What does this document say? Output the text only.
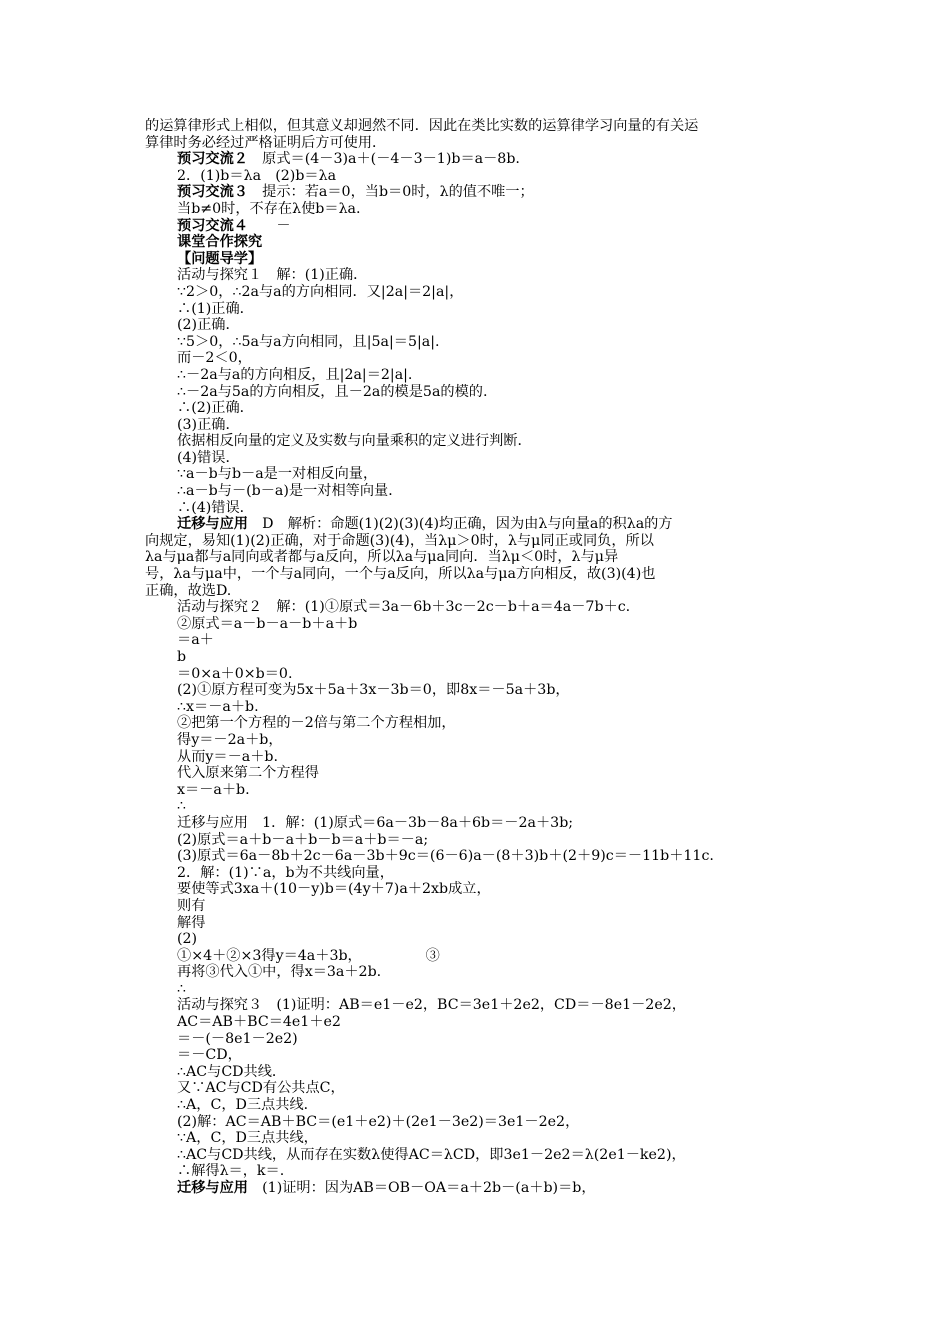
的运算律形式上相似，但其意义却迥然不同．因此在类比实数的运算律学习向量的有关运
算律时务必经过严格证明后方可使用．
预习交流２　原式＝(4－3)a＋(－4－3－1)b＝a－8b.
2．(1)b＝λa　(2)b＝λa
预习交流３　提示：若a＝0，当b＝0时，λ的值不唯一；
当b≠0时，不存在λ使b＝λa.
预习交流４　　－
课堂合作探究
【问题导学】
活动与探究１　解：(1)正确．
∵2＞0，∴2a与a的方向相同．又|2a|＝2|a|，
∴(1)正确．
(2)正确．
∵5＞0，∴5a与a方向相同，且|5a|＝5|a|.
而－2＜0，
∴－2a与a的方向相反，且|2a|＝2|a|.
∴－2a与5a的方向相反，且－2a的模是5a的模的.
∴(2)正确．
(3)正确．
依据相反向量的定义及实数与向量乘积的定义进行判断．
(4)错误．
∵a－b与b－a是一对相反向量，
∴a－b与－(b－a)是一对相等向量．
∴(4)错误．
迁移与应用　D　解析：命题(1)(2)(3)(4)均正确，因为由λ与向量a的积λa的方
向规定，易知(1)(2)正确，对于命题(3)(4)，当λμ＞0时，λ与μ同正或同负，所以
λa与μa都与a同向或者都与a反向，所以λa与μa同向．当λμ＜0时，λ与μ异
号，λa与μa中，一个与a同向，一个与a反向，所以λa与μa方向相反，故(3)(4)也
正确，故选D.
活动与探究２　解：(1)①原式＝3a－6b＋3c－2c－b＋a＝4a－7b＋c.
②原式＝a－b－a－b＋a＋b
＝a＋
b
＝0×a＋0×b＝0.
(2)①原方程可变为5x＋5a＋3x－3b＝0，即8x＝－5a＋3b，
∴x＝－a＋b.
②把第一个方程的－2倍与第二个方程相加，
得y＝－2a＋b，
从而y＝－a＋b.
代入原来第二个方程得
x＝－a＋b.
∴
迁移与应用　1．解：(1)原式＝6a－3b－8a＋6b＝－2a＋3b;
(2)原式＝a＋b－a＋b－b＝a＋b＝－a;
(3)原式＝6a－8b＋2c－6a－3b＋9c＝(6－6)a－(8＋3)b＋(2＋9)c＝－11b＋11c.
2．解：(1)∵a，b为不共线向量，
要使等式3xa＋(10－y)b＝(4y＋7)a＋2xb成立，
则有
解得
(2)
①×4＋②×3得y＝4a＋3b，　　　　　③
再将③代入①中，得x＝3a＋2b.
∴
活动与探究３　(1)证明：AB＝e1－e2，BC＝3e1＋2e2，CD＝－8e1－2e2，
AC＝AB＋BC＝4e1＋e2
＝－(－8e1－2e2)
＝－CD，
∴AC与CD共线．
又∵AC与CD有公共点C，
∴A，C，D三点共线．
(2)解：AC＝AB＋BC＝(e1＋e2)＋(2e1－3e2)＝3e1－2e2，
∵A，C，D三点共线，
∴AC与CD共线，从而存在实数λ使得AC＝λCD，即3e1－2e2＝λ(2e1－ke2)，
∴解得λ＝，k＝.
迁移与应用　(1)证明：因为AB＝OB－OA＝a＋2b－(a＋b)＝b，
